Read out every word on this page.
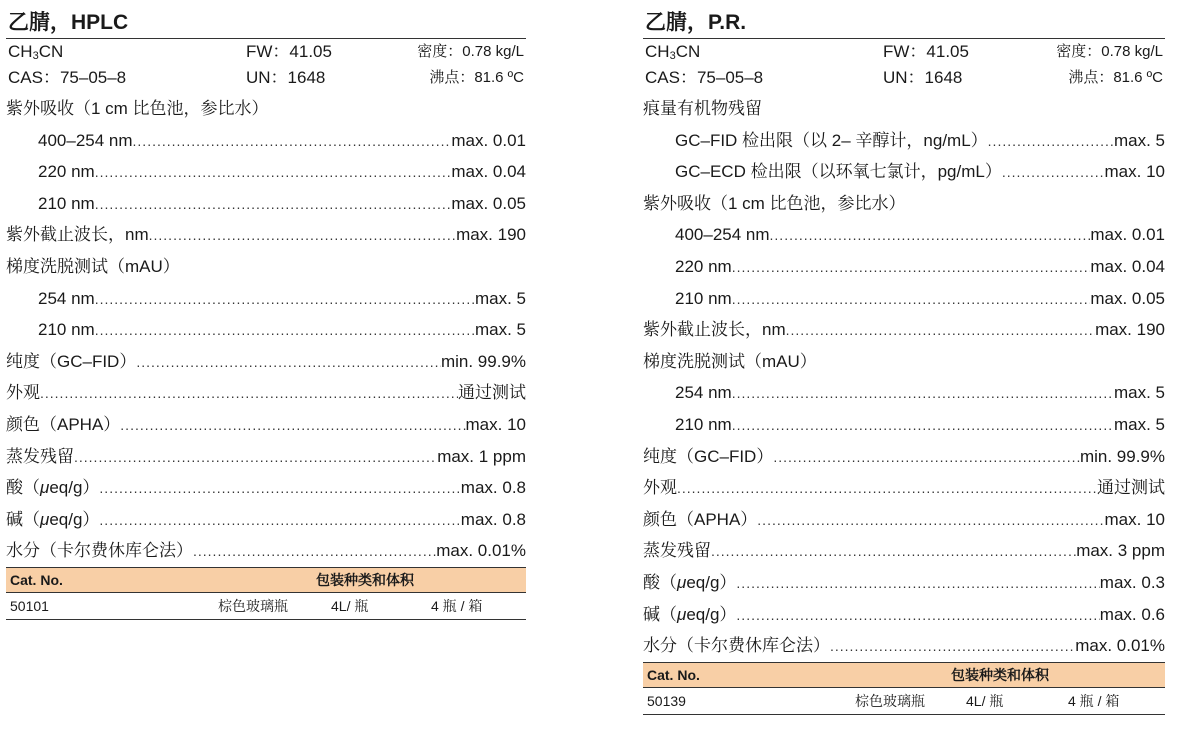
乙腈，HPLC
$CH_3CN$	FW：41.05	密度：0.78 kg/L
CAS：75–05–8	UN：1648	沸点：81.6 ºC
紫外吸收（1 cm 比色池，参比水）
400–254 nm .....	max. 0.01
220 nm .....	max. 0.04
210 nm .....	max. 0.05
紫外截止波长，nm .....	max. 190
梯度洗脱测试（mAU）
254 nm .....	max. 5
210 nm .....	max. 5
纯度（GC–FID） .....	min. 99.9%
外观 .....	通过测试
颜色（APHA） .....	max. 10
蒸发残留 .....	max. 1 ppm
酸（μeq/g） .....	max. 0.8
碱（μeq/g） .....	max. 0.8
水分（卡尔费休库仑法） .....	max. 0.01%
Cat. No.	包装种类和体积
50101	棕色玻璃瓶	4L/ 瓶	4 瓶 / 箱
乙腈，P.R.
$CH_3CN$	FW：41.05	密度：0.78 kg/L
CAS：75–05–8	UN：1648	沸点：81.6 ºC
痕量有机物残留
GC–FID 检出限（以 2– 辛醇计，ng/mL） .....	max. 5
GC–ECD 检出限（以环氧七氯计，pg/mL） .....	max. 10
紫外吸收（1 cm 比色池，参比水）
400–254 nm .....	max. 0.01
220 nm .....	max. 0.04
210 nm .....	max. 0.05
紫外截止波长，nm .....	max. 190
梯度洗脱测试（mAU）
254 nm .....	max. 5
210 nm .....	max. 5
纯度（GC–FID） .....	min. 99.9%
外观 .....	通过测试
颜色（APHA） .....	max. 10
蒸发残留 .....	max. 3 ppm
酸（μeq/g） .....	max. 0.3
碱（μeq/g） .....	max. 0.6
水分（卡尔费休库仑法） .....	max. 0.01%
Cat. No.	包装种类和体积
50139	棕色玻璃瓶	4L/ 瓶	4 瓶 / 箱
